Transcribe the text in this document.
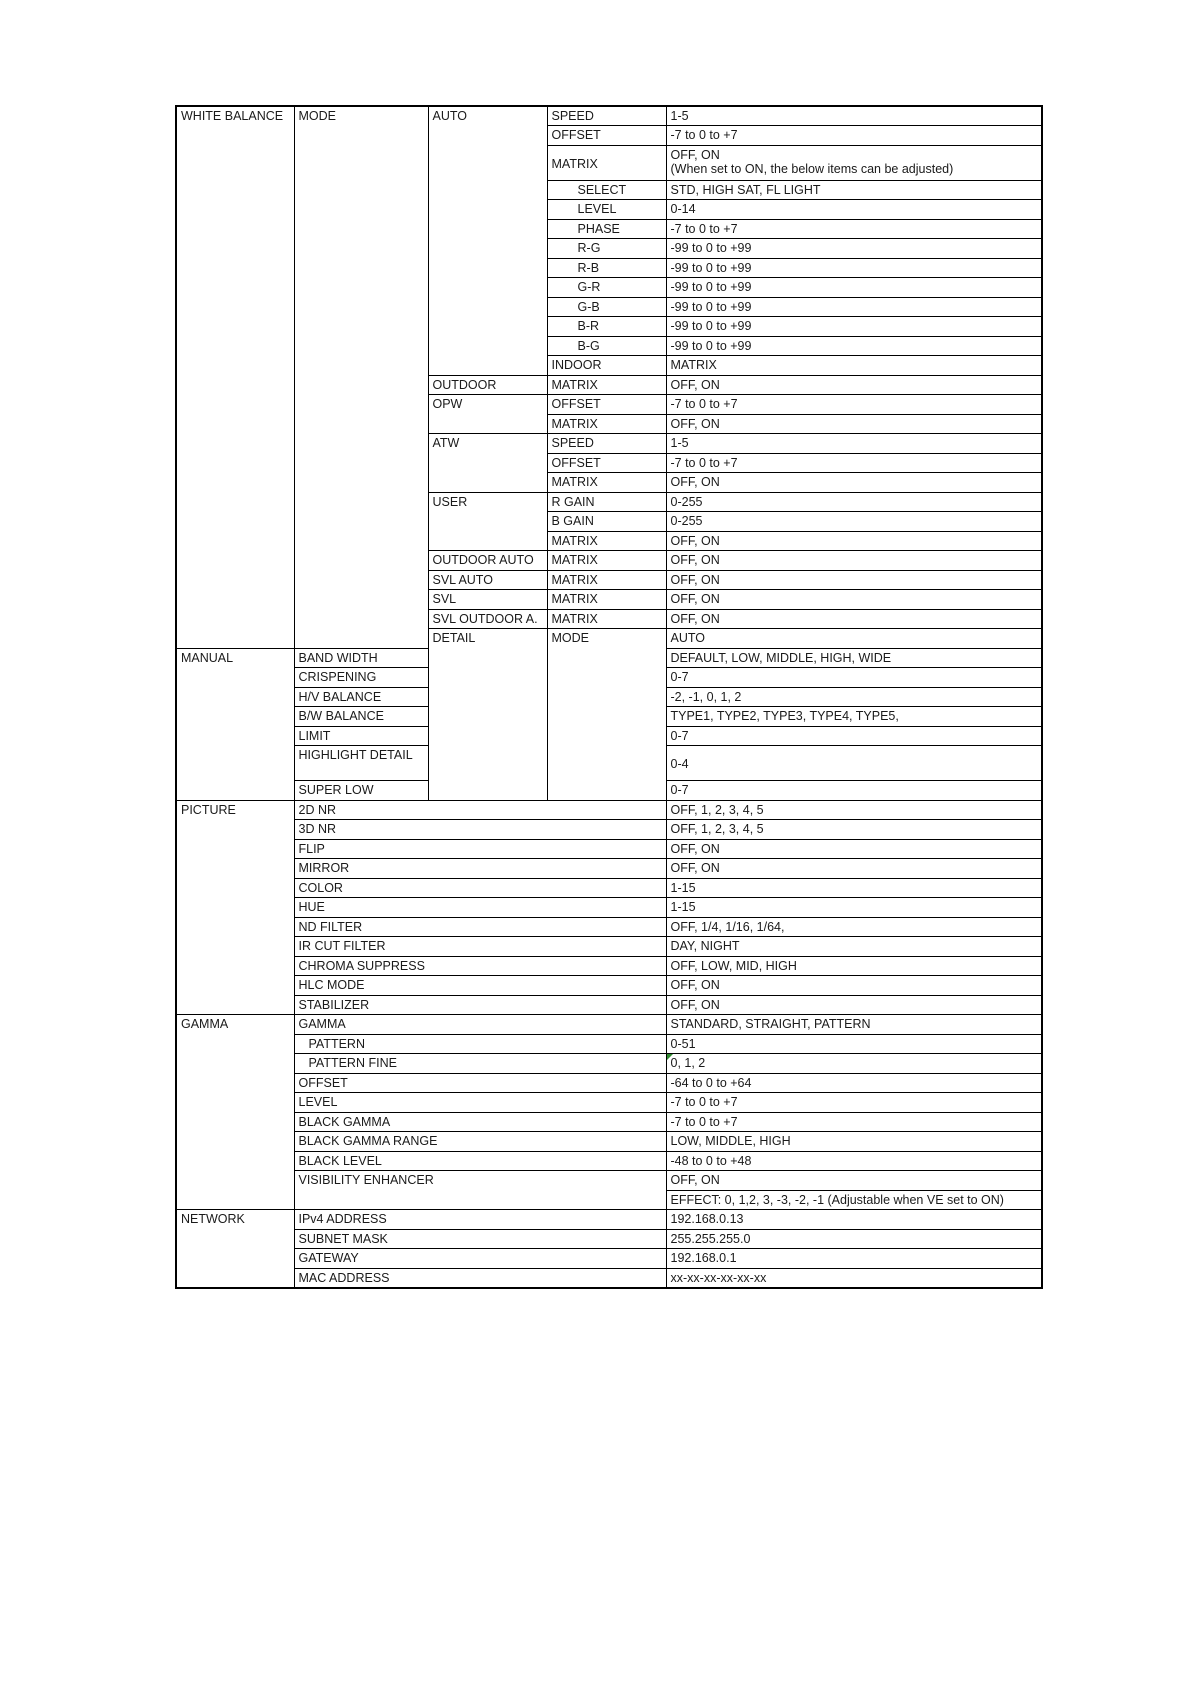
WHITE BALANCE	MODE	AUTO	SPEED	1-5	
			OFFSET	-7 to 0 to +7	
			MATRIX	OFF, ON
(When set to ON, the below items can be adjusted)	
			SELECT	STD, HIGH SAT, FL LIGHT	
			LEVEL	0-14	
			PHASE	-7 to 0 to +7	
			R-G	-99 to 0 to +99	
			R-B	-99 to 0 to +99	
			G-R	-99 to 0 to +99	
			G-B	-99 to 0 to +99	
			B-R	-99 to 0 to +99	
			B-G	-99 to 0 to +99	
			INDOOR	MATRIX	
		OUTDOOR	MATRIX	OFF, ON	
		OPW	OFFSET	-7 to 0 to +7	
			MATRIX	OFF, ON	
		ATW	SPEED	1-5	
			OFFSET	-7 to 0 to +7	
			MATRIX	OFF, ON	
		USER	R GAIN	0-255	
			B GAIN	0-255	
			MATRIX	OFF, ON	
		OUTDOOR AUTO	MATRIX	OFF, ON	
		SVL AUTO	MATRIX	OFF, ON	
		SVL	MATRIX	OFF, ON	
		SVL OUTDOOR A.	MATRIX	OFF, ON	
		DETAIL	MODE	AUTO		
MANUAL	BAND WIDTH			DEFAULT, LOW, MIDDLE, HIGH, WIDE	
	CRISPENING			0-7	
	H/V BALANCE			-2, -1, 0, 1, 2	
	B/W BALANCE			TYPE1, TYPE2, TYPE3, TYPE4, TYPE5,	
	LIMIT			0-7	
	HIGHLIGHT DETAIL			0-4	
	SUPER LOW			0-7	
PICTURE	2D NR			OFF, 1, 2, 3, 4, 5	
	3D NR			OFF, 1, 2, 3, 4, 5	
	FLIP			OFF, ON	
	MIRROR			OFF, ON	
	COLOR			1-15	
	HUE			1-15	
	ND FILTER			OFF, 1/4, 1/16, 1/64,	
	IR CUT FILTER			DAY, NIGHT	
	CHROMA SUPPRESS			OFF, LOW, MID, HIGH	
	HLC MODE			OFF, ON	
	STABILIZER			OFF, ON	
GAMMA	GAMMA			STANDARD, STRAIGHT, PATTERN	
	PATTERN			0-51	
	PATTERN FINE			0, 1, 2	
	OFFSET			-64 to 0 to +64	
	LEVEL			-7 to 0 to +7	
	BLACK GAMMA			-7 to 0 to +7	
	BLACK GAMMA RANGE			LOW, MIDDLE, HIGH	
	BLACK LEVEL			-48 to 0 to +48	
	VISIBILITY ENHANCER			OFF, ON	
				EFFECT: 0, 1,2, 3, -3, -2, -1 (Adjustable when VE set to ON)	
NETWORK	IPv4 ADDRESS			192.168.0.13	
	SUBNET MASK			255.255.255.0	
	GATEWAY			192.168.0.1	
	MAC ADDRESS			xx-xx-xx-xx-xx-xx	
